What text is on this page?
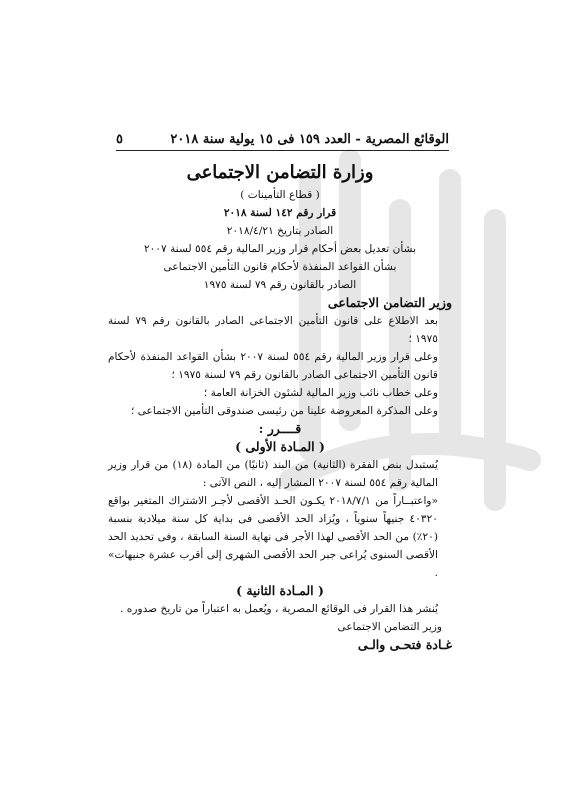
الوقائع المصرية - العدد ١٥٩ فى ١٥ يولية سنة ٢٠١٨
٥
وزارة التضامن الاجتماعى
( قطاع التأمينات )
قرار رقم ١٤٢ لسنة ٢٠١٨
الصادر بتاريخ ٢٠١٨/٤/٢١
بشأن تعديل بعض أحكام قرار وزير المالية رقم ٥٥٤ لسنة ٢٠٠٧
بشأن القواعد المنفذة لأحكام قانون التأمين الاجتماعى
الصادر بالقانون رقم ٧٩ لسنة ١٩٧٥
وزير التضامن الاجتماعى
بعد الاطلاع على قانون التأمين الاجتماعى الصادر بالقانون رقم ٧٩ لسنة ١٩٧٥ ؛
وعلى قرار وزير المالية رقم ٥٥٤ لسنة ٢٠٠٧ بشأن القواعد المنفذة لأحكام قانون التأمين الاجتماعى الصادر بالقانون رقم ٧٩ لسنة ١٩٧٥ ؛
وعلى خطاب نائب وزير المالية لشئون الخزانة العامة ؛
وعلى المذكرة المعروضة علينا من رئيسى صندوقى التأمين الاجتماعى ؛
قــــرر :
( المـادة الأولى )
يُستبدل بنص الفقرة (الثانية) من البند (ثانيًا) من المادة (١٨) من قرار وزير المالية رقم ٥٥٤ لسنة ٢٠٠٧ المشار إليه ، النص الآتى :
«واعتبــاراً من ٢٠١٨/٧/١ يكـون الحـد الأقصى لأجـر الاشتراك المتغير بواقع ٤٠٣٢٠ جنيهاً سنوياً ، ويُزاد الحد الأقصى فى بداية كل سنة ميلادية بنسبة (٢٠٪) من الحد الأقصى لهذا الأجر فى نهاية السنة السابقة ، وفى تحديد الحد الأقصى السنوى يُراعى جبر الحد الأقصى الشهرى إلى أقرب عشرة جنيهات» .
( المـادة الثانية )
يُنشر هذا القرار فى الوقائع المصرية ، ويُعمل به اعتباراً من تاريخ صدوره .
وزير التضامن الاجتماعى
غـادة فتحـى والـى
